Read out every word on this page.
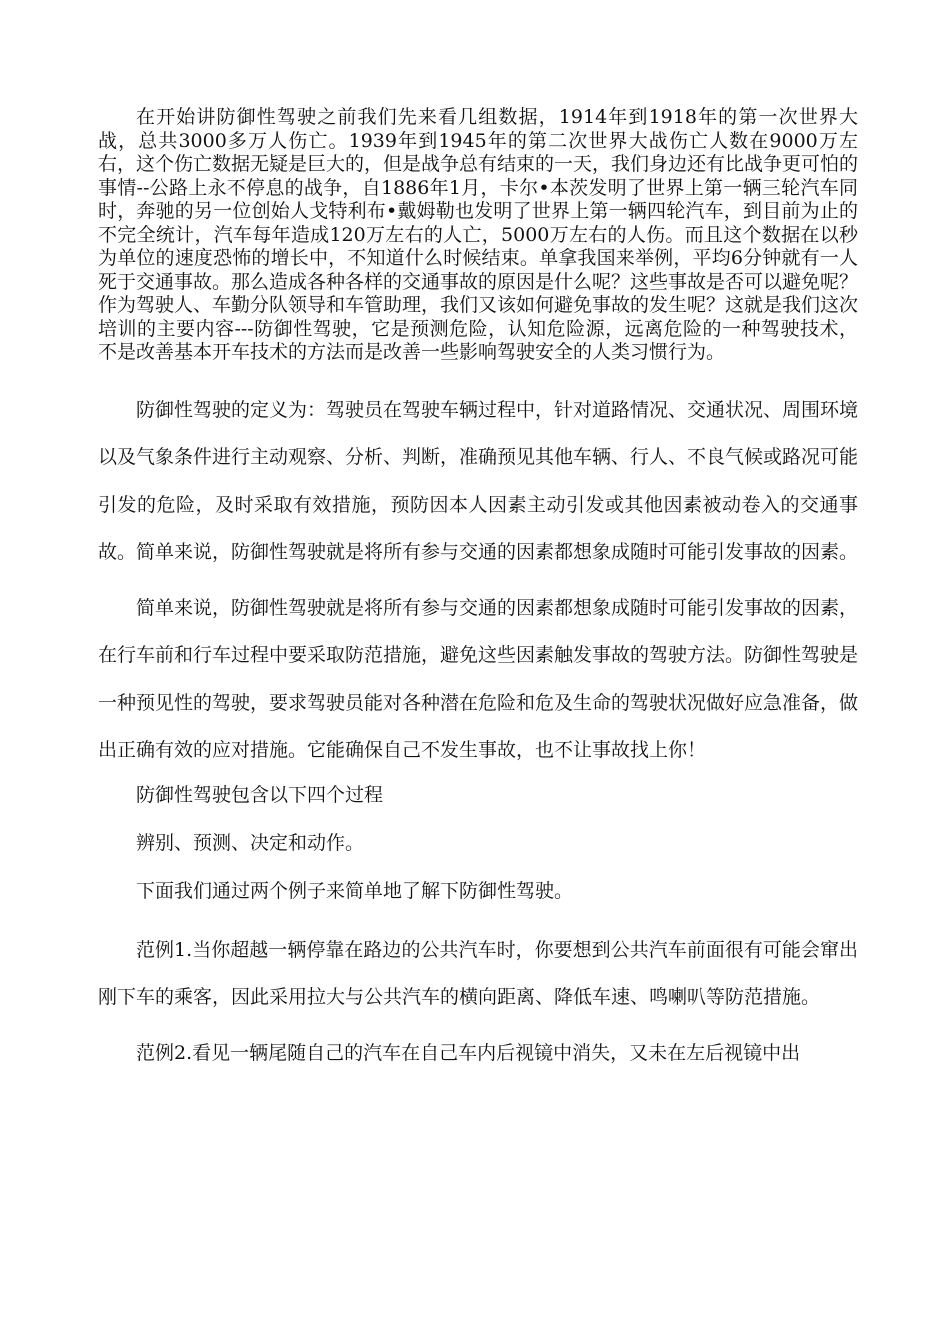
在开始讲防御性驾驶之前我们先来看几组数据，1914年到1918年的第一次世界大战，总共3000多万人伤亡。1939年到1945年的第二次世界大战伤亡人数在9000万左右，这个伤亡数据无疑是巨大的，但是战争总有结束的一天，我们身边还有比战争更可怕的事情--公路上永不停息的战争，自1886年1月，卡尔•本茨发明了世界上第一辆三轮汽车同时，奔驰的另一位创始人戈特利布•戴姆勒也发明了世界上第一辆四轮汽车，到目前为止的不完全统计，汽车每年造成120万左右的人亡，5000万左右的人伤。而且这个数据在以秒为单位的速度恐怖的增长中，不知道什么时候结束。单拿我国来举例，平均6分钟就有一人死于交通事故。那么造成各种各样的交通事故的原因是什么呢？这些事故是否可以避免呢？作为驾驶人、车勤分队领导和车管助理，我们又该如何避免事故的发生呢？这就是我们这次培训的主要内容---防御性驾驶，它是预测危险，认知危险源，远离危险的一种驾驶技术，不是改善基本开车技术的方法而是改善一些影响驾驶安全的人类习惯行为。

防御性驾驶的定义为：驾驶员在驾驶车辆过程中，针对道路情况、交通状况、周围环境以及气象条件进行主动观察、分析、判断，准确预见其他车辆、行人、不良气候或路况可能引发的危险，及时采取有效措施，预防因本人因素主动引发或其他因素被动卷入的交通事故。简单来说，防御性驾驶就是将所有参与交通的因素都想象成随时可能引发事故的因素。

简单来说，防御性驾驶就是将所有参与交通的因素都想象成随时可能引发事故的因素，在行车前和行车过程中要采取防范措施，避免这些因素触发事故的驾驶方法。防御性驾驶是一种预见性的驾驶，要求驾驶员能对各种潜在危险和危及生命的驾驶状况做好应急准备，做出正确有效的应对措施。它能确保自己不发生事故，也不让事故找上你！

防御性驾驶包含以下四个过程

辨别、预测、决定和动作。

下面我们通过两个例子来简单地了解下防御性驾驶。

范例1.当你超越一辆停靠在路边的公共汽车时，你要想到公共汽车前面很有可能会窜出刚下车的乘客，因此采用拉大与公共汽车的横向距离、降低车速、鸣喇叭等防范措施。

范例2.看见一辆尾随自己的汽车在自己车内后视镜中消失，又未在左后视镜中出
